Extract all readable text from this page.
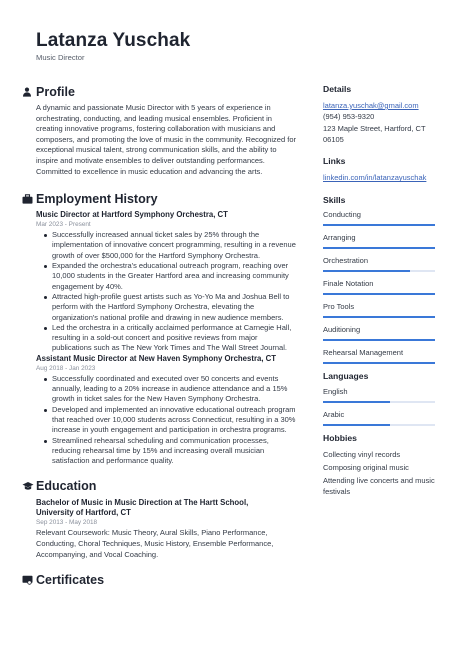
Latanza Yuschak
Music Director
Profile
A dynamic and passionate Music Director with 5 years of experience in orchestrating, conducting, and leading musical ensembles. Proficient in creating innovative programs, fostering collaboration with musicians and composers, and promoting the love of music in the community. Recognized for exceptional musical talent, strong communication skills, and the ability to inspire and motivate ensembles to deliver outstanding performances. Committed to excellence in music education and advancing the arts.
Employment History
Music Director at Hartford Symphony Orchestra, CT
Mar 2023 - Present
Successfully increased annual ticket sales by 25% through the implementation of innovative concert programming, resulting in a revenue growth of over $500,000 for the Hartford Symphony Orchestra.
Expanded the orchestra's educational outreach program, reaching over 10,000 students in the Greater Hartford area and increasing community engagement by 40%.
Attracted high-profile guest artists such as Yo-Yo Ma and Joshua Bell to perform with the Hartford Symphony Orchestra, elevating the organization's national profile and drawing in new audience members.
Led the orchestra in a critically acclaimed performance at Carnegie Hall, resulting in a sold-out concert and positive reviews from major publications such as The New York Times and The Wall Street Journal.
Assistant Music Director at New Haven Symphony Orchestra, CT
Aug 2018 - Jan 2023
Successfully coordinated and executed over 50 concerts and events annually, leading to a 20% increase in audience attendance and a 15% growth in ticket sales for the New Haven Symphony Orchestra.
Developed and implemented an innovative educational outreach program that reached over 10,000 students across Connecticut, resulting in a 30% increase in youth engagement and participation in orchestra programs.
Streamlined rehearsal scheduling and communication processes, reducing rehearsal time by 15% and increasing overall musician satisfaction and performance quality.
Education
Bachelor of Music in Music Direction at The Hartt School,
University of Hartford, CT
Sep 2013 - May 2018
Relevant Coursework: Music Theory, Aural Skills, Piano Performance, Conducting, Choral Techniques, Music History, Ensemble Performance, Accompanying, and Vocal Coaching.
Certificates
Details
latanza.yuschak@gmail.com
(954) 953-9320
123 Maple Street, Hartford, CT
06105
Links
linkedin.com/in/latanzayuschak
Skills
Conducting
Arranging
Orchestration
Finale Notation
Pro Tools
Auditioning
Rehearsal Management
Languages
English
Arabic
Hobbies
Collecting vinyl records
Composing original music
Attending live concerts and music festivals
